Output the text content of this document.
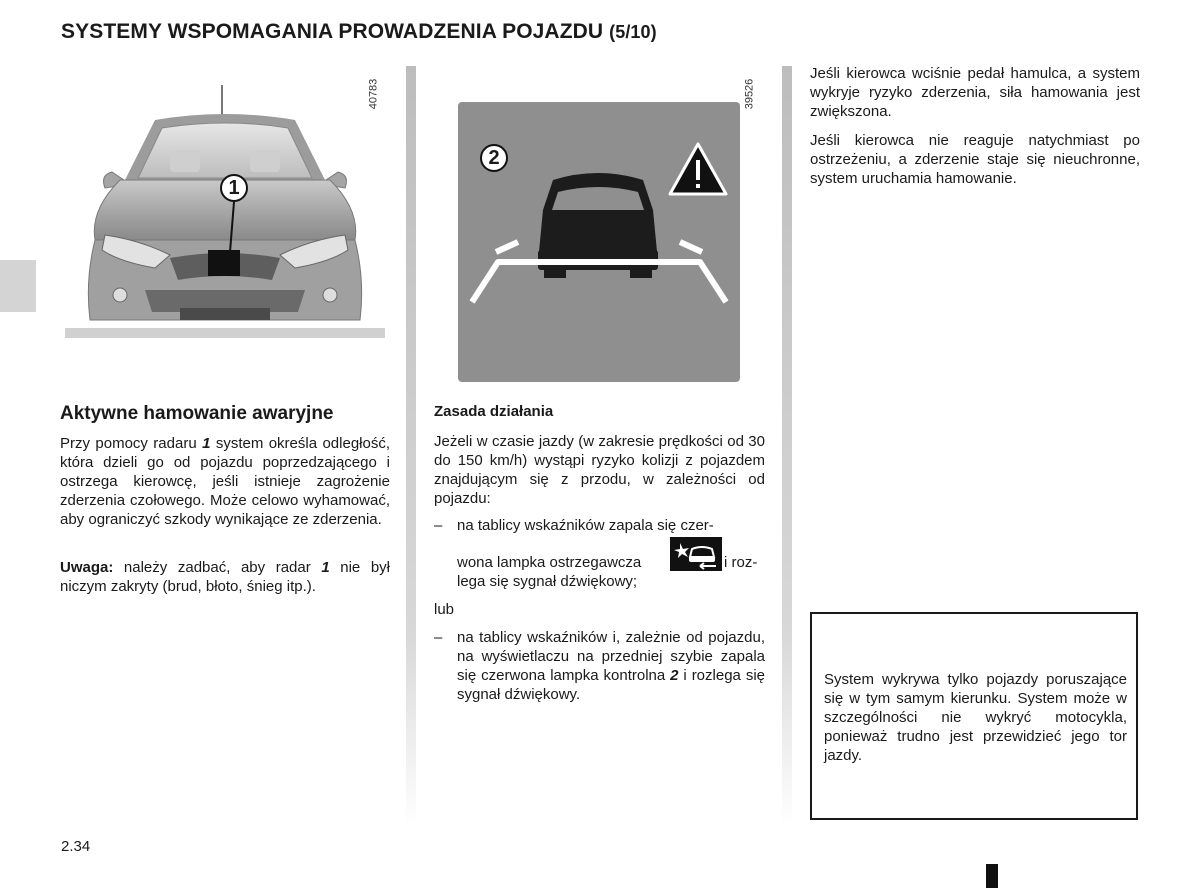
SYSTEMY WSPOMAGANIA PROWADZENIA POJAZDU (5/10)
1
40783
2
39526
Aktywne hamowanie awaryjne
Przy pomocy radaru 1 system określa odległość, która dzieli go od pojazdu poprzedzającego i ostrzega kierowcę, jeśli istnieje zagrożenie zderzenia czołowego. Może celowo wyhamować, aby ograniczyć szkody wynikające ze zderzenia.
Uwaga: należy zadbać, aby radar 1 nie był niczym zakryty (brud, błoto, śnieg itp.).
Zasada działania
Jeżeli w czasie jazdy (w zakresie prędkości od 30 do 150 km/h) wystąpi ryzyko kolizji z pojazdem znajdującym się z przodu, w zależności od pojazdu:
– na tablicy wskaźników zapala się czer-
wona lampka ostrzegawcza	i roz-
lega się sygnał dźwiękowy;
lub
– na tablicy wskaźników i, zależnie od pojazdu, na wyświetlaczu na przedniej szybie zapala się czerwona lampka kontrolna 2 i rozlega się sygnał dźwiękowy.
Jeśli kierowca wciśnie pedał hamulca, a system wykryje ryzyko zderzenia, siła hamowania jest zwiększona.
Jeśli kierowca nie reaguje natychmiast po ostrzeżeniu, a zderzenie staje się nieuchronne, system uruchamia hamowanie.
System wykrywa tylko pojazdy poruszające się w tym samym kierunku. System może w szczególności nie wykryć motocykla, ponieważ trudno jest przewidzieć jego tor jazdy.
2.34
